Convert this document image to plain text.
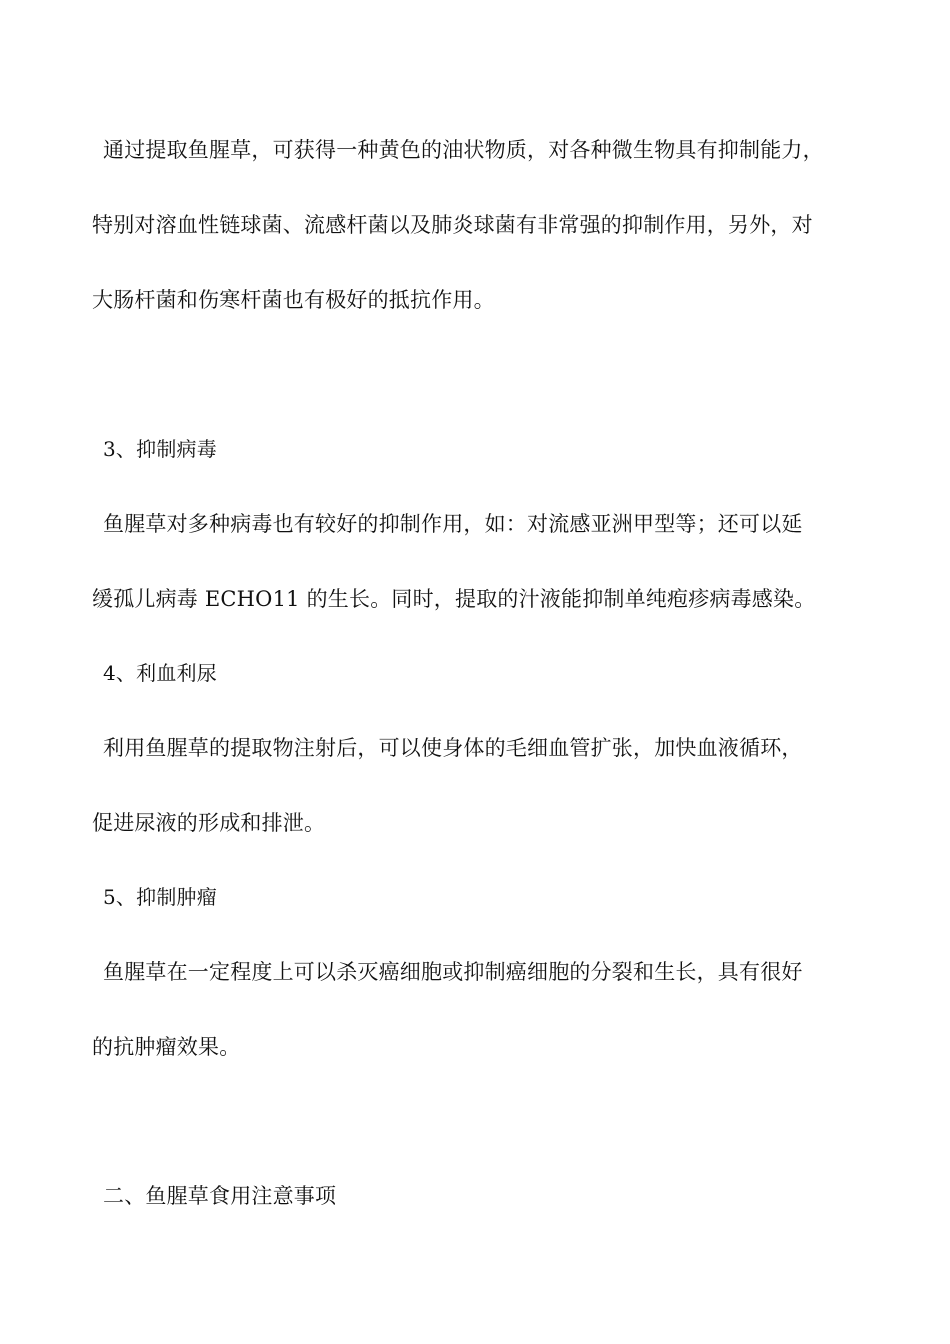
通过提取鱼腥草，可获得一种黄色的油状物质，对各种微生物具有抑制能力，
特别对溶血性链球菌、流感杆菌以及肺炎球菌有非常强的抑制作用，另外，对
大肠杆菌和伤寒杆菌也有极好的抵抗作用。
3、抑制病毒
鱼腥草对多种病毒也有较好的抑制作用，如：对流感亚洲甲型等；还可以延
缓孤儿病毒 ECHO11 的生长。同时，提取的汁液能抑制单纯疱疹病毒感染。
4、利血利尿
利用鱼腥草的提取物注射后，可以使身体的毛细血管扩张，加快血液循环，
促进尿液的形成和排泄。
5、抑制肿瘤
鱼腥草在一定程度上可以杀灭癌细胞或抑制癌细胞的分裂和生长，具有很好
的抗肿瘤效果。
二、鱼腥草食用注意事项
